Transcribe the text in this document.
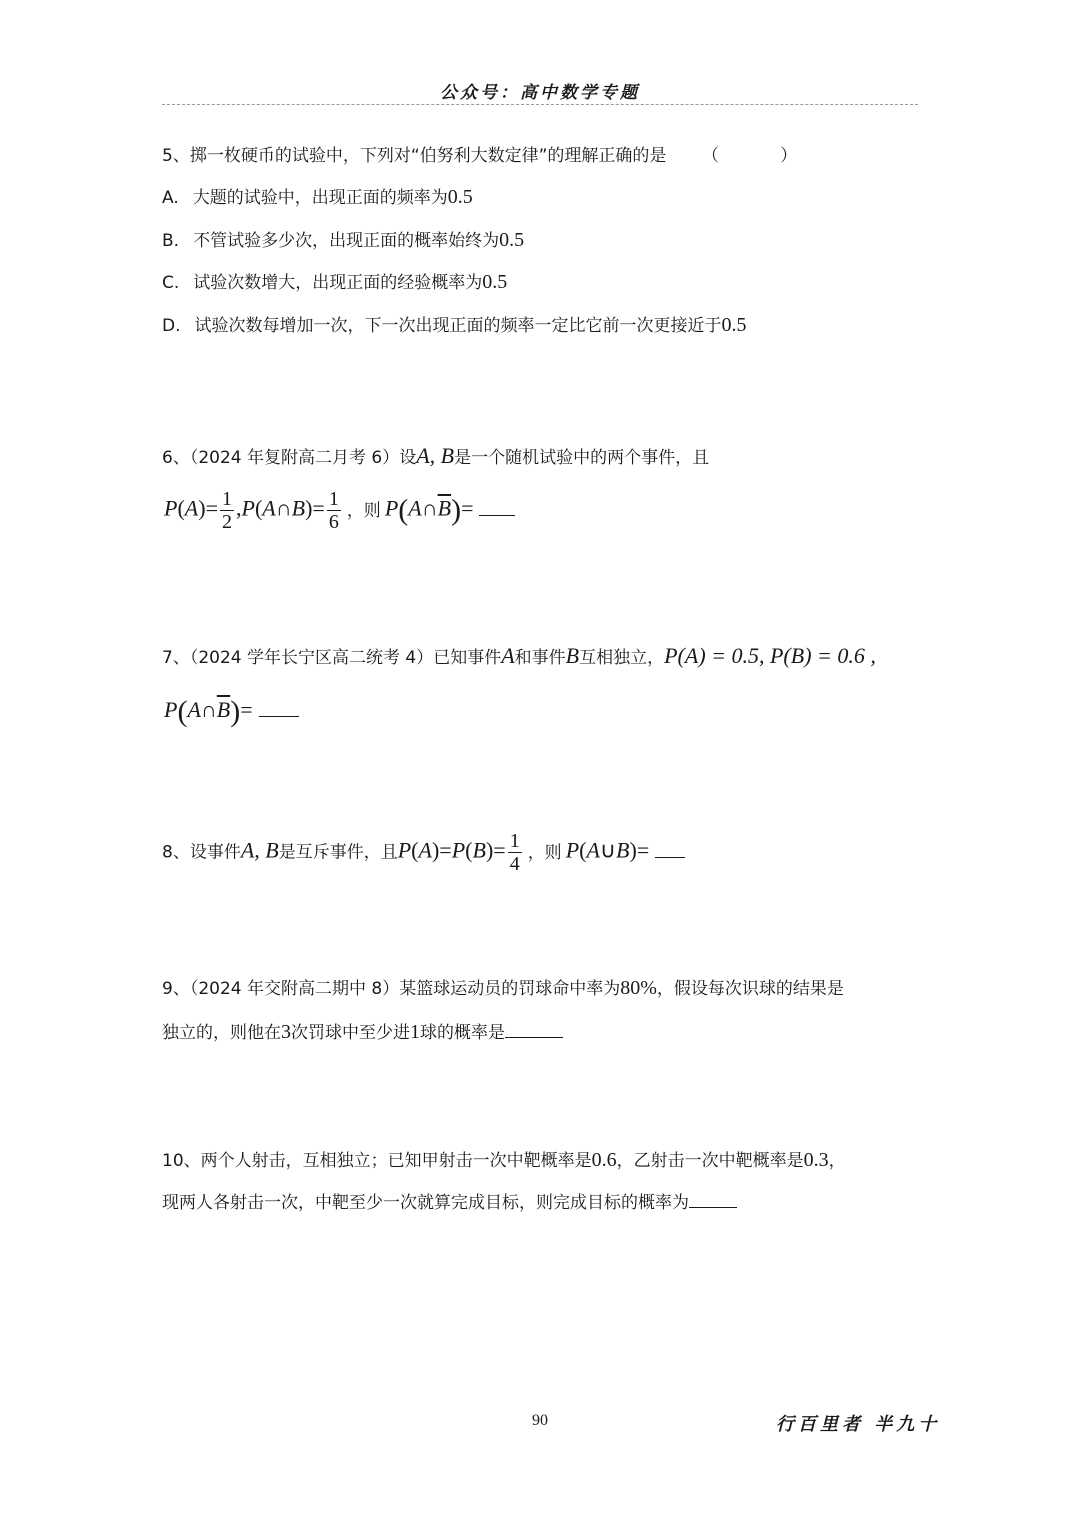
公众号：高中数学专题
5、掷一枚硬币的试验中，下列对“伯努利大数定律”的理解正确的是 （ ）
A. 大题的试验中，出现正面的频率为0.5
B. 不管试验多少次，出现正面的概率始终为0.5
C. 试验次数增大，出现正面的经验概率为0.5
D. 试验次数每增加一次，下一次出现正面的频率一定比它前一次更接近于0.5
6、（2024 年复附高二月考 6）设A, B是一个随机试验中的两个事件，且
$P(A)= \frac{1}{2}$ ,P(A∩B)= $\frac{1}{6}$ ，则 $P(A\cap\overline{B})=$
7、（2024 学年长宁区高二统考 4）已知事件A和事件B互相独立，P(A) = 0.5, P(B) = 0.6 ,
$P(A\cap\overline{B})=$
8、设事件A, B是互斥事件，且$P(A)=P(B)= \frac{1}{4}$ ，则 P(A∪B)=
9、（2024 年交附高二期中 8）某篮球运动员的罚球命中率为80%，假设每次识球的结果是
独立的，则他在3次罚球中至少进1球的概率是
10、两个人射击，互相独立；已知甲射击一次中靶概率是0.6，乙射击一次中靶概率是0.3，
现两人各射击一次，中靶至少一次就算完成目标，则完成目标的概率为
90	行百里者 半九十
